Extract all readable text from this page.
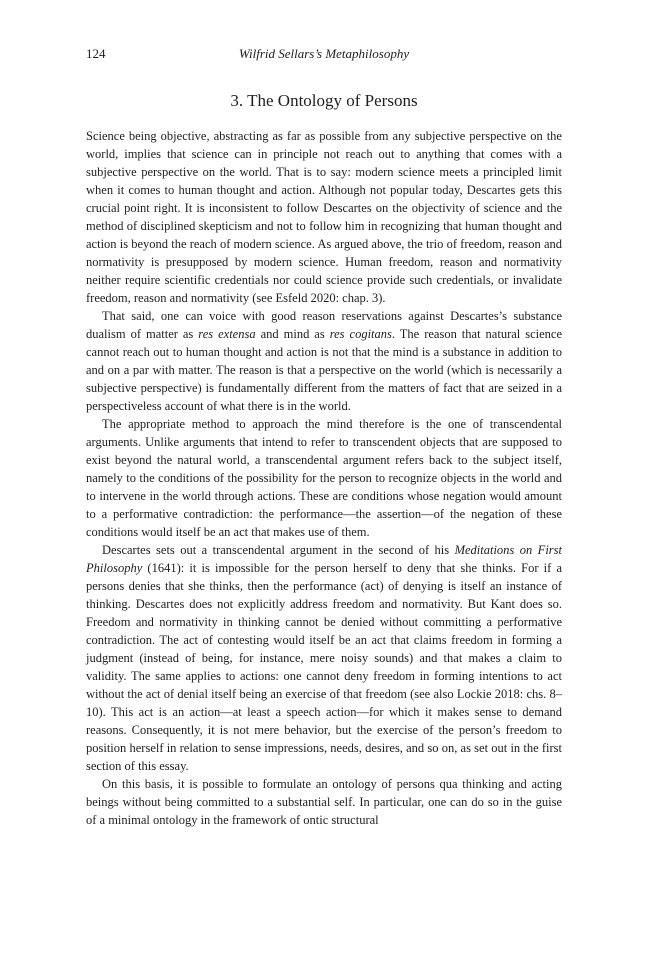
124	Wilfrid Sellars’s Metaphilosophy
3. The Ontology of Persons

Science being objective, abstracting as far as possible from any subjective perspective on the world, implies that science can in principle not reach out to anything that comes with a subjective perspective on the world. That is to say: modern science meets a principled limit when it comes to human thought and action. Although not popular today, Descartes gets this crucial point right. It is inconsistent to follow Descartes on the objectivity of science and the method of disciplined skepticism and not to follow him in recognizing that human thought and action is beyond the reach of modern science. As argued above, the trio of freedom, reason and normativity is presupposed by modern science. Human freedom, reason and normativity neither require scientific credentials nor could science provide such credentials, or invalidate freedom, reason and normativity (see Esfeld 2020: chap. 3).

That said, one can voice with good reason reservations against Descartes’s substance dualism of matter as res extensa and mind as res cogitans. The reason that natural science cannot reach out to human thought and action is not that the mind is a substance in addition to and on a par with matter. The reason is that a perspective on the world (which is necessarily a subjective perspective) is fundamentally different from the matters of fact that are seized in a perspectiveless account of what there is in the world.

The appropriate method to approach the mind therefore is the one of transcendental arguments. Unlike arguments that intend to refer to transcendent objects that are supposed to exist beyond the natural world, a transcendental argument refers back to the subject itself, namely to the conditions of the possibility for the person to recognize objects in the world and to intervene in the world through actions. These are conditions whose negation would amount to a performative contradiction: the performance—the assertion—of the negation of these conditions would itself be an act that makes use of them.

Descartes sets out a transcendental argument in the second of his Meditations on First Philosophy (1641): it is impossible for the person herself to deny that she thinks. For if a persons denies that she thinks, then the performance (act) of denying is itself an instance of thinking. Descartes does not explicitly address freedom and normativity. But Kant does so. Freedom and normativity in thinking cannot be denied without committing a performative contradiction. The act of contesting would itself be an act that claims freedom in forming a judgment (instead of being, for instance, mere noisy sounds) and that makes a claim to validity. The same applies to actions: one cannot deny freedom in forming intentions to act without the act of denial itself being an exercise of that freedom (see also Lockie 2018: chs. 8–10). This act is an action—at least a speech action—for which it makes sense to demand reasons. Consequently, it is not mere behavior, but the exercise of the person’s freedom to position herself in relation to sense impressions, needs, desires, and so on, as set out in the first section of this essay.

On this basis, it is possible to formulate an ontology of persons qua thinking and acting beings without being committed to a substantial self. In particular, one can do so in the guise of a minimal ontology in the framework of ontic structural
